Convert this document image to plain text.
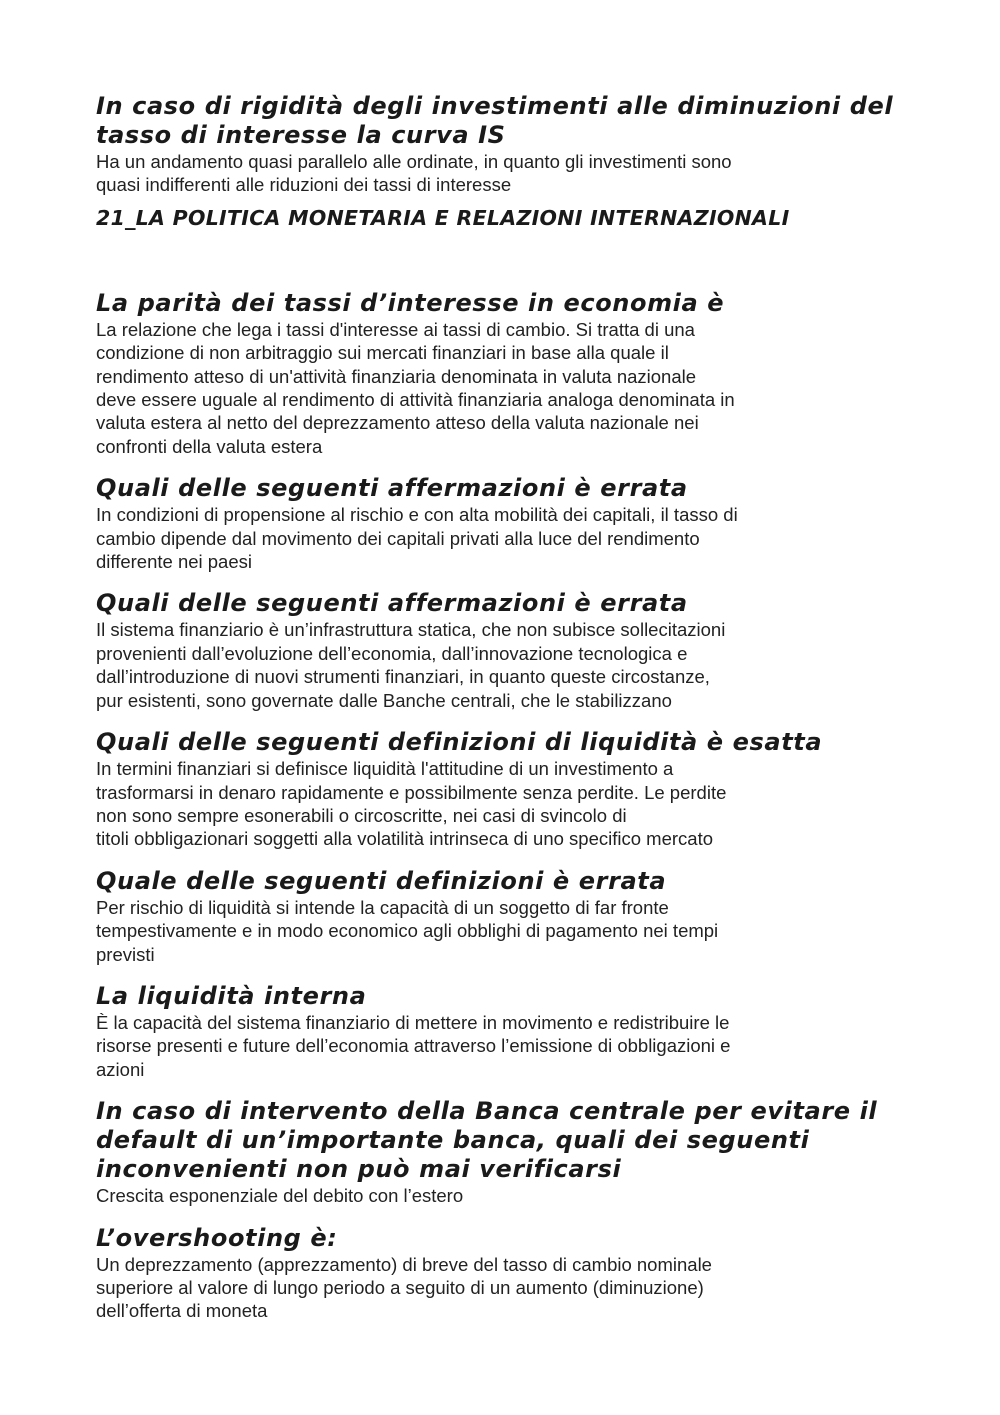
In caso di rigidità degli investimenti alle diminuzioni del
tasso di interesse la curva IS

Ha un andamento quasi parallelo alle ordinate, in quanto gli investimenti sono
quasi indifferenti alle riduzioni dei tassi di interesse

21_LA POLITICA MONETARIA E RELAZIONI INTERNAZIONALI

La parità dei tassi d’interesse in economia è

La relazione che lega i tassi d'interesse ai tassi di cambio. Si tratta di una
condizione di non arbitraggio sui mercati finanziari in base alla quale il
rendimento atteso di un'attività finanziaria denominata in valuta nazionale
deve essere uguale al rendimento di attività finanziaria analoga denominata in
valuta estera al netto del deprezzamento atteso della valuta nazionale nei
confronti della valuta estera

Quali delle seguenti affermazioni è errata

In condizioni di propensione al rischio e con alta mobilità dei capitali, il tasso di
cambio dipende dal movimento dei capitali privati alla luce del rendimento
differente nei paesi

Quali delle seguenti affermazioni è errata

Il sistema finanziario è un’infrastruttura statica, che non subisce sollecitazioni
provenienti dall’evoluzione dell’economia, dall’innovazione tecnologica e
dall’introduzione di nuovi strumenti finanziari, in quanto queste circostanze,
pur esistenti, sono governate dalle Banche centrali, che le stabilizzano

Quali delle seguenti definizioni di liquidità è esatta

In termini finanziari si definisce liquidità l'attitudine di un investimento a
trasformarsi in denaro rapidamente e possibilmente senza perdite. Le perdite
non sono sempre esonerabili o circoscritte, nei casi di svincolo di
titoli obbligazionari soggetti alla volatilità intrinseca di uno specifico mercato

Quale delle seguenti definizioni è errata

Per rischio di liquidità si intende la capacità di un soggetto di far fronte
tempestivamente e in modo economico agli obblighi di pagamento nei tempi
previsti

La liquidità interna

È la capacità del sistema finanziario di mettere in movimento e redistribuire le
risorse presenti e future dell’economia attraverso l’emissione di obbligazioni e
azioni

In caso di intervento della Banca centrale per evitare il
default di un’importante banca, quali dei seguenti
inconvenienti non può mai verificarsi

Crescita esponenziale del debito con l’estero

L’overshooting è:

Un deprezzamento (apprezzamento) di breve del tasso di cambio nominale
superiore al valore di lungo periodo a seguito di un aumento (diminuzione)
dell’offerta di moneta
